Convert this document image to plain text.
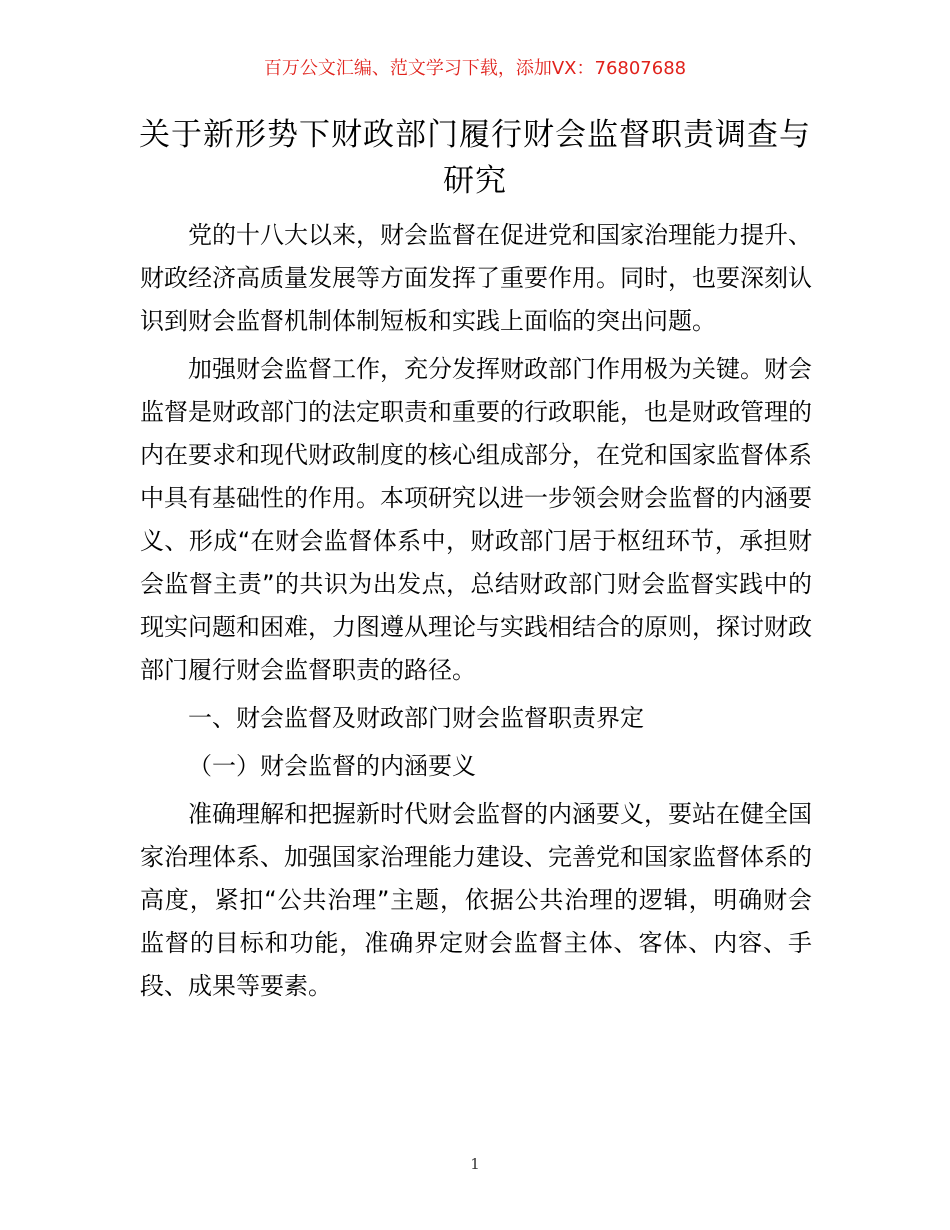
百万公文汇编、范文学习下载，添加VX：76807688
关于新形势下财政部门履行财会监督职责调查与研究

党的十八大以来，财会监督在促进党和国家治理能力提升、财政经济高质量发展等方面发挥了重要作用。同时，也要深刻认识到财会监督机制体制短板和实践上面临的突出问题。

加强财会监督工作，充分发挥财政部门作用极为关键。财会监督是财政部门的法定职责和重要的行政职能，也是财政管理的内在要求和现代财政制度的核心组成部分，在党和国家监督体系中具有基础性的作用。本项研究以进一步领会财会监督的内涵要义、形成“在财会监督体系中，财政部门居于枢纽环节，承担财会监督主责”的共识为出发点，总结财政部门财会监督实践中的现实问题和困难，力图遵从理论与实践相结合的原则，探讨财政部门履行财会监督职责的路径。

一、财会监督及财政部门财会监督职责界定

（一）财会监督的内涵要义

准确理解和把握新时代财会监督的内涵要义，要站在健全国家治理体系、加强国家治理能力建设、完善党和国家监督体系的高度，紧扣“公共治理”主题，依据公共治理的逻辑，明确财会监督的目标和功能，准确界定财会监督主体、客体、内容、手段、成果等要素。

1
